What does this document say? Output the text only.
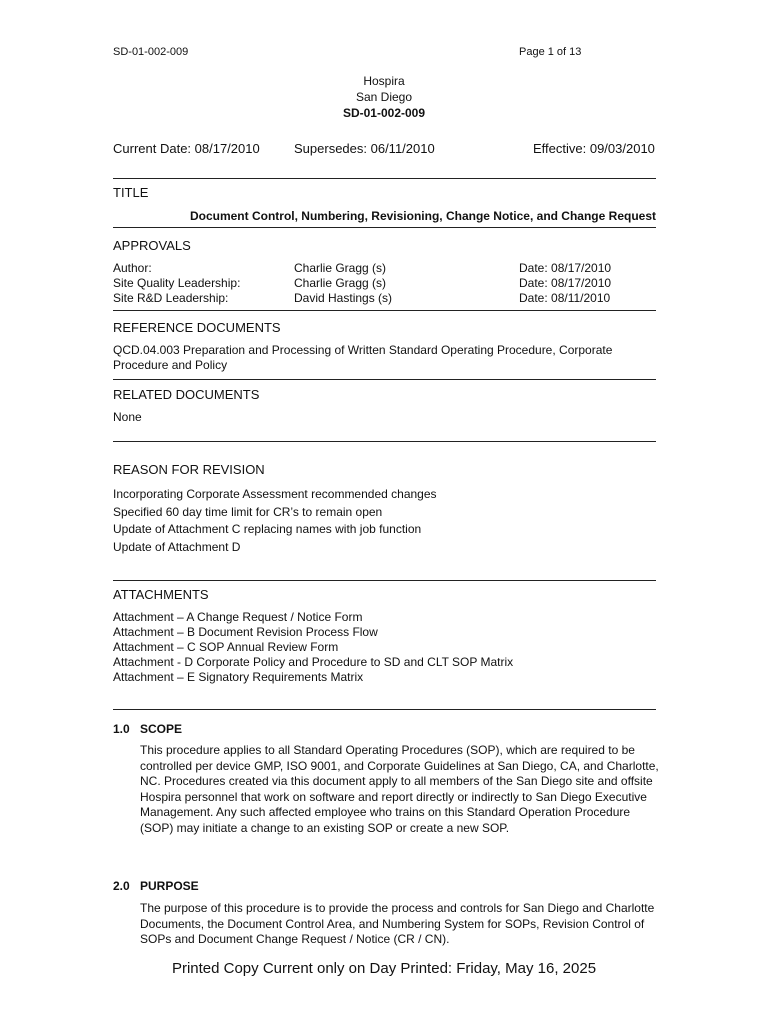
SD-01-002-009	Page 1 of 13
Hospira
San Diego
SD-01-002-009
Current Date: 08/17/2010	Supersedes: 06/11/2010	Effective: 09/03/2010
TITLE
Document Control, Numbering, Revisioning, Change Notice, and Change Request
APPROVALS
Author:	Charlie Gragg (s)	Date: 08/17/2010
Site Quality Leadership:	Charlie Gragg (s)	Date: 08/17/2010
Site R&D Leadership:	David Hastings (s)	Date: 08/11/2010
REFERENCE DOCUMENTS
QCD.04.003 Preparation and Processing of Written Standard Operating Procedure, Corporate Procedure and Policy
RELATED DOCUMENTS
None
REASON FOR REVISION
Incorporating Corporate Assessment recommended changes
Specified 60 day time limit for CR’s to remain open
Update of Attachment C replacing names with job function
Update of Attachment D
ATTACHMENTS
Attachment – A Change Request / Notice Form
Attachment – B Document Revision Process Flow
Attachment – C SOP Annual Review Form
Attachment - D Corporate Policy and Procedure to SD and CLT SOP Matrix
Attachment – E Signatory Requirements Matrix
1.0 SCOPE
This procedure applies to all Standard Operating Procedures (SOP), which are required to be controlled per device GMP, ISO 9001, and Corporate Guidelines at San Diego, CA, and Charlotte, NC. Procedures created via this document apply to all members of the San Diego site and offsite Hospira personnel that work on software and report directly or indirectly to San Diego Executive Management. Any such affected employee who trains on this Standard Operation Procedure (SOP) may initiate a change to an existing SOP or create a new SOP.
2.0 PURPOSE
The purpose of this procedure is to provide the process and controls for San Diego and Charlotte Documents, the Document Control Area, and Numbering System for SOPs, Revision Control of SOPs and Document Change Request / Notice (CR / CN).
Printed Copy Current only on Day Printed: Friday, May 16, 2025
